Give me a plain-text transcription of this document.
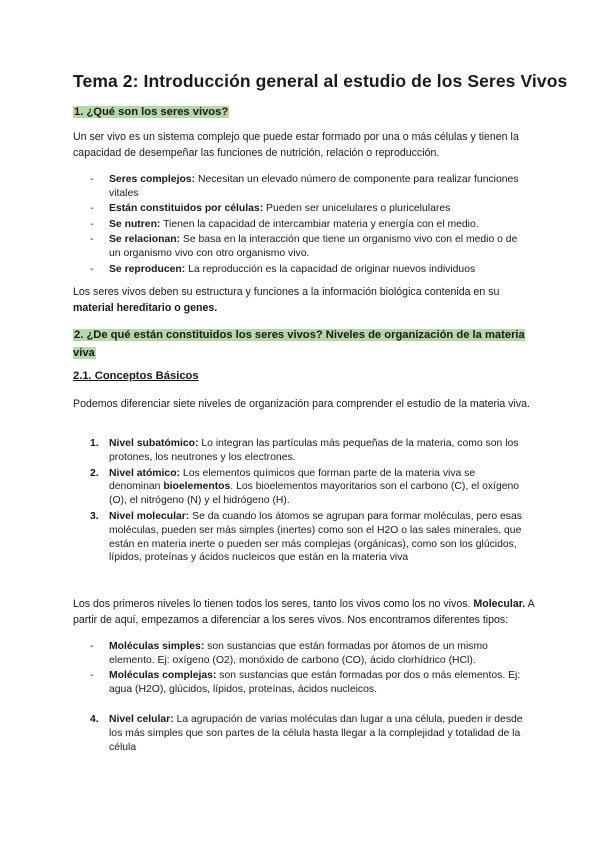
Tema 2: Introducción general al estudio de los Seres Vivos
1. ¿Qué son los seres vivos?
Un ser vivo es un sistema complejo que puede estar formado por una o más células y tienen la capacidad de desempeñar las funciones de nutrición, relación o reproducción.
- Seres complejos: Necesitan un elevado número de componente para realizar funciones vitales
- Están constituidos por células: Pueden ser unicelulares o pluricelulares
- Se nutren: Tienen la capacidad de intercambiar materia y energía con el medio.
- Se relacionan: Se basa en la interacción que tiene un organismo vivo con el medio o de un organismo vivo con otro organismo vivo.
- Se reproducen: La reproducción es la capacidad de originar nuevos individuos
Los seres vivos deben su estructura y funciones a la información biológica contenida en su material hereditario o genes.
2. ¿De qué están constituidos los seres vivos? Niveles de organización de la materia viva
2.1. Conceptos Básicos
Podemos diferenciar siete niveles de organización para comprender el estudio de la materia viva.
1. Nivel subatómico: Lo integran las partículas más pequeñas de la materia, como son los protones, los neutrones y los electrones.
2. Nivel atómico: Los elementos químicos que forman parte de la materia viva se denominan bioelementos. Los bioelementos mayoritarios son el carbono (C), el oxígeno (O), el nitrógeno (N) y el hidrógeno (H).
3. Nivel molecular: Se da cuando los átomos se agrupan para formar moléculas, pero esas moléculas, pueden ser más simples (inertes) como son el H2O o las sales minerales, que están en materia inerte o pueden ser más complejas (orgánicas), como son los glúcidos, lípidos, proteínas y ácidos nucleicos que están en la materia viva
Los dos primeros niveles lo tienen todos los seres, tanto los vivos como los no vivos. Molecular. A partir de aquí, empezamos a diferenciar a los seres vivos. Nos encontramos diferentes tipos:
- Moléculas simples: son sustancias que están formadas por átomos de un mismo elemento. Ej: oxígeno (O2), monóxido de carbono (CO), ácido clorhídrico (HCl).
- Moléculas complejas: son sustancias que están formadas por dos o más elementos. Ej: agua (H2O), glúcidos, lípidos, proteínas, ácidos nucleicos.
4. Nivel celular: La agrupación de varias moléculas dan lugar a una célula, pueden ir desde los más simples que son partes de la célula hasta llegar a la complejidad y totalidad de la célula
